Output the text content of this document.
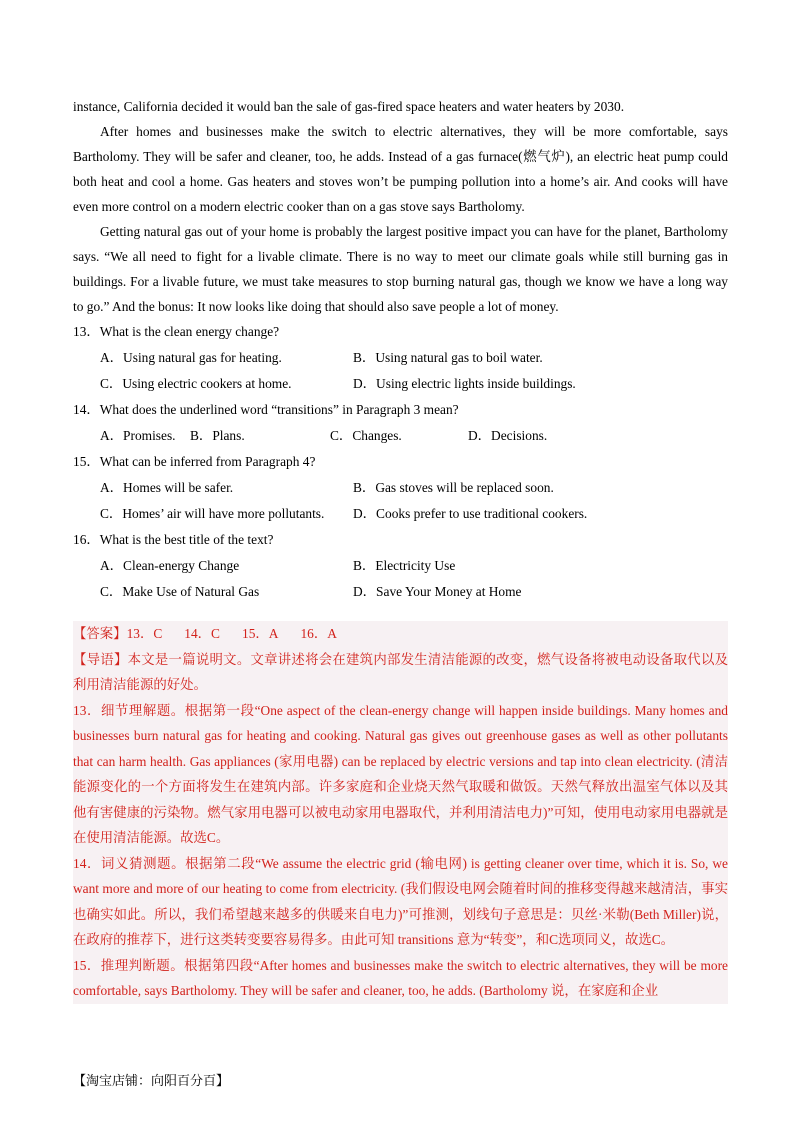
instance, California decided it would ban the sale of gas-fired space heaters and water heaters by 2030.

After homes and businesses make the switch to electric alternatives, they will be more comfortable, says Bartholomy. They will be safer and cleaner, too, he adds. Instead of a gas furnace(燃气炉), an electric heat pump could both heat and cool a home. Gas heaters and stoves won’t be pumping pollution into a home’s air. And cooks will have even more control on a modern electric cooker than on a gas stove says Bartholomy.

Getting natural gas out of your home is probably the largest positive impact you can have for the planet, Bartholomy says. “We all need to fight for a livable climate. There is no way to meet our climate goals while still burning gas in buildings. For a livable future, we must take measures to stop burning natural gas, though we know we have a long way to go.” And the bonus: It now looks like doing that should also save people a lot of money.

13．What is the clean energy change?

A．Using natural gas for heating.	B．Using natural gas to boil water.
C．Using electric cookers at home.	D．Using electric lights inside buildings.

14．What does the underlined word “transitions” in Paragraph 3 mean?

A．Promises.	B．Plans.	C．Changes.	D．Decisions.

15．What can be inferred from Paragraph 4?

A．Homes will be safer.	B．Gas stoves will be replaced soon.
C．Homes’ air will have more pollutants.	D．Cooks prefer to use traditional cookers.

16．What is the best title of the text?

A．Clean-energy Change	B．Electricity Use
C．Make Use of Natural Gas	D．Save Your Money at Home

【答案】13．C 14．C 15．A 16．A

【导语】本文是一篇说明文。文章讲述将会在建筑内部发生清洁能源的改变，燃气设备将被电动设备取代以及利用清洁能源的好处。

13．细节理解题。根据第一段“One aspect of the clean-energy change will happen inside buildings. Many homes and businesses burn natural gas for heating and cooking. Natural gas gives out greenhouse gases as well as other pollutants that can harm health. Gas appliances (家用电器) can be replaced by electric versions and tap into clean electricity. (清洁能源变化的一个方面将发生在建筑内部。许多家庭和企业烧天然气取暖和做饭。天然气释放出温室气体以及其他有害健康的污染物。燃气家用电器可以被电动家用电器取代，并利用清洁电力)”可知，使用电动家用电器就是在使用清洁能源。故选C。

14．词义猜测题。根据第二段“We assume the electric grid (输电网) is getting cleaner over time, which it is. So, we want more and more of our heating to come from electricity. (我们假设电网会随着时间的推移变得越来越清洁，事实也确实如此。所以，我们希望越来越多的供暖来自电力)”可推测，划线句子意思是：贝丝·米勒(Beth Miller)说，在政府的推荐下，进行这类转变要容易得多。由此可知 transitions 意为“转变”，和C选项同义，故选C。

15．推理判断题。根据第四段“After homes and businesses make the switch to electric alternatives, they will be more comfortable, says Bartholomy. They will be safer and cleaner, too, he adds. (Bartholomy 说，在家庭和企业

【淘宝店铺：向阳百分百】
